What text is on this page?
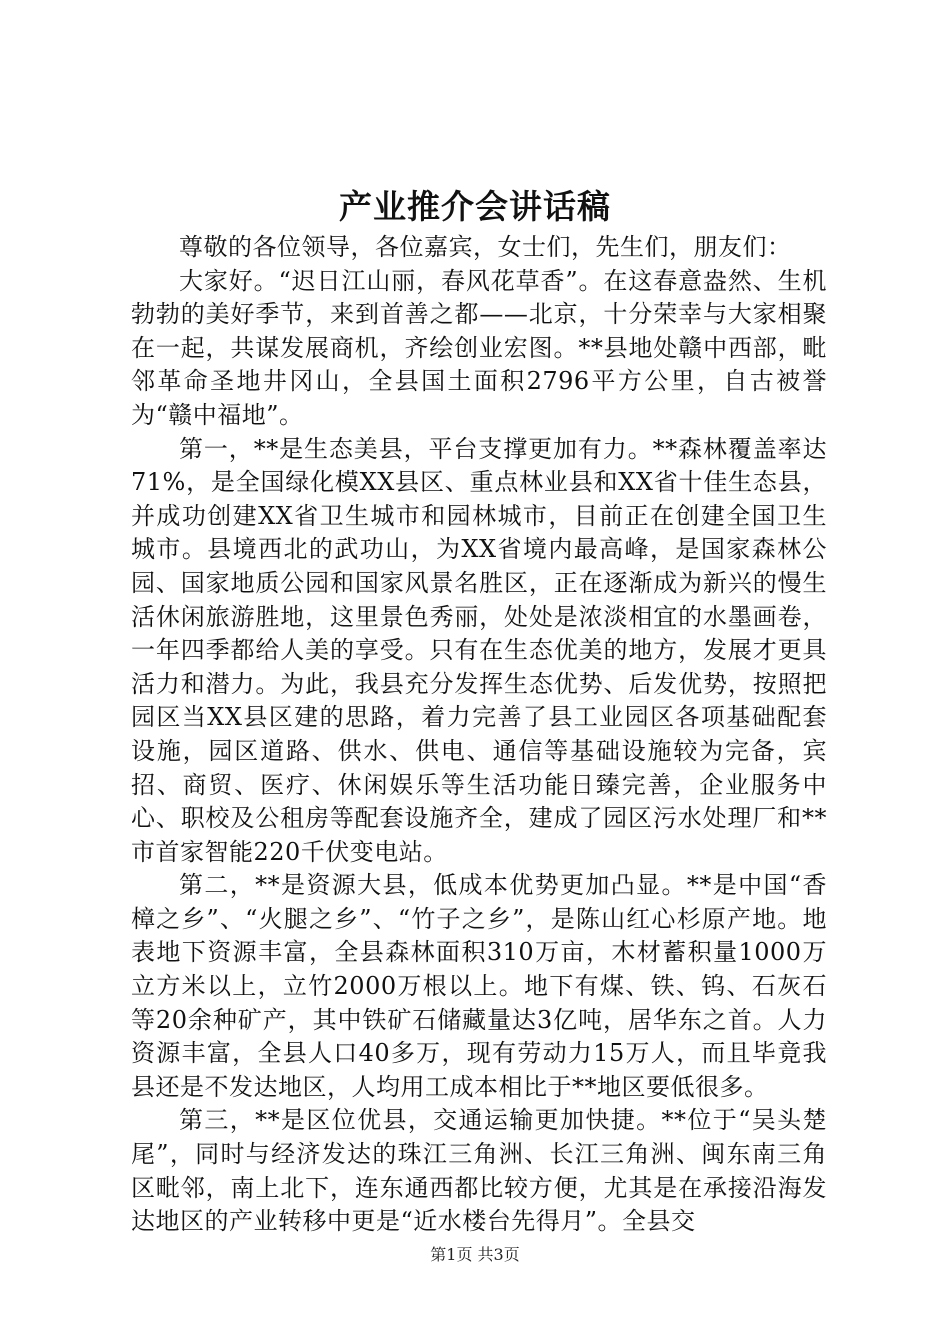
产业推介会讲话稿

尊敬的各位领导，各位嘉宾，女士们，先生们，朋友们：

大家好。“迟日江山丽，春风花草香”。在这春意盎然、生机勃勃的美好季节，来到首善之都——北京，十分荣幸与大家相聚在一起，共谋发展商机，齐绘创业宏图。**县地处赣中西部，毗邻革命圣地井冈山，全县国土面积2796平方公里，自古被誉为“赣中福地”。

第一，**是生态美县，平台支撑更加有力。**森林覆盖率达71%，是全国绿化模XX县区、重点林业县和XX省十佳生态县，并成功创建XX省卫生城市和园林城市，目前正在创建全国卫生城市。县境西北的武功山，为XX省境内最高峰，是国家森林公园、国家地质公园和国家风景名胜区，正在逐渐成为新兴的慢生活休闲旅游胜地，这里景色秀丽，处处是浓淡相宜的水墨画卷，一年四季都给人美的享受。只有在生态优美的地方，发展才更具活力和潜力。为此，我县充分发挥生态优势、后发优势，按照把园区当XX县区建的思路，着力完善了县工业园区各项基础配套设施，园区道路、供水、供电、通信等基础设施较为完备，宾招、商贸、医疗、休闲娱乐等生活功能日臻完善，企业服务中心、职校及公租房等配套设施齐全，建成了园区污水处理厂和**市首家智能220千伏变电站。

第二，**是资源大县，低成本优势更加凸显。**是中国“香樟之乡”、“火腿之乡”、“竹子之乡”，是陈山红心杉原产地。地表地下资源丰富，全县森林面积310万亩，木材蓄积量1000万立方米以上，立竹2000万根以上。地下有煤、铁、钨、石灰石等20余种矿产，其中铁矿石储藏量达3亿吨，居华东之首。人力资源丰富，全县人口40多万，现有劳动力15万人，而且毕竟我县还是不发达地区，人均用工成本相比于**地区要低很多。

第三，**是区位优县，交通运输更加快捷。**位于“吴头楚尾”，同时与经济发达的珠江三角洲、长江三角洲、闽东南三角区毗邻，南上北下，连东通西都比较方便，尤其是在承接沿海发达地区的产业转移中更是“近水楼台先得月”。全县交

第1页 共3页
